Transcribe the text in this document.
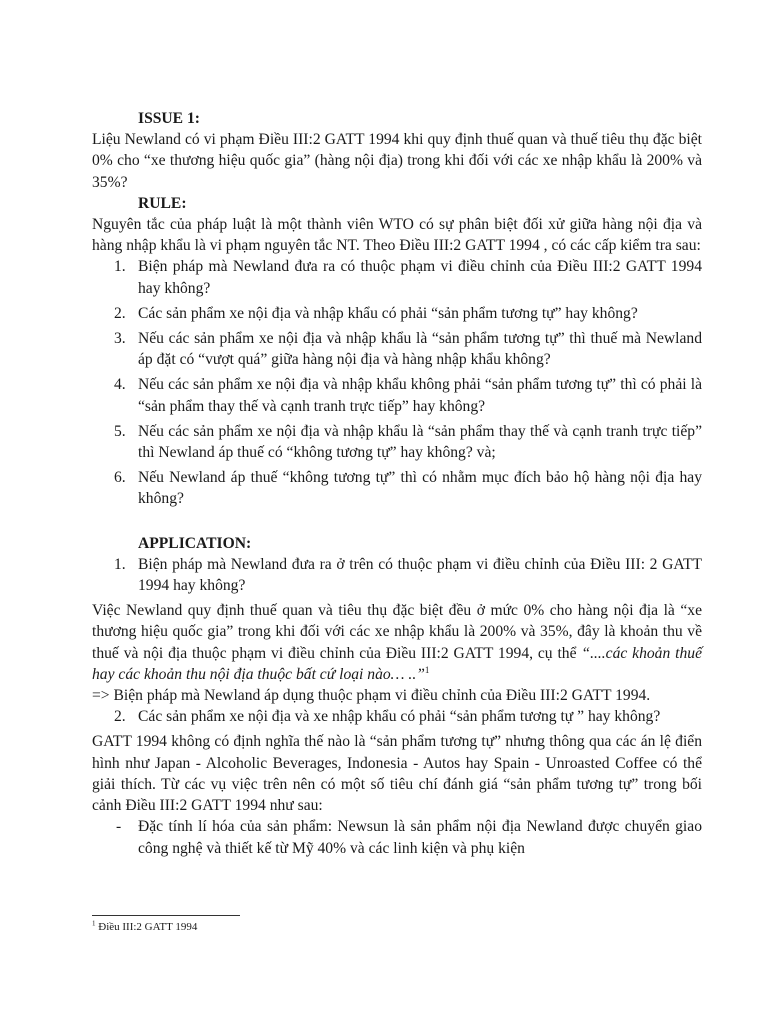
ISSUE 1:

Liệu Newland có vi phạm Điều III:2 GATT 1994 khi quy định thuế quan và thuế tiêu thụ đặc biệt 0% cho “xe thương hiệu quốc gia” (hàng nội địa) trong khi đối với các xe nhập khẩu là 200% và 35%?

RULE:

Nguyên tắc của pháp luật là một thành viên WTO có sự phân biệt đối xử giữa hàng nội địa và hàng nhập khẩu là vi phạm nguyên tắc NT. Theo Điều III:2 GATT 1994 , có các cấp kiểm tra sau:

1. Biện pháp mà Newland đưa ra có thuộc phạm vi điều chỉnh của Điều III:2 GATT 1994 hay không?
2. Các sản phẩm xe nội địa và nhập khẩu có phải “sản phẩm tương tự” hay không?
3. Nếu các sản phẩm xe nội địa và nhập khẩu là “sản phẩm tương tự” thì thuế mà Newland áp đặt có “vượt quá” giữa hàng nội địa và hàng nhập khẩu không?
4. Nếu các sản phẩm xe nội địa và nhập khẩu không phải “sản phẩm tương tự” thì có phải là “sản phẩm thay thế và cạnh tranh trực tiếp” hay không?
5. Nếu các sản phẩm xe nội địa và nhập khẩu là “sản phẩm thay thế và cạnh tranh trực tiếp” thì Newland áp thuế có “không tương tự” hay không? và;
6. Nếu Newland áp thuế “không tương tự” thì có nhằm mục đích bảo hộ hàng nội địa hay không?

APPLICATION:

1. Biện pháp mà Newland đưa ra ở trên có thuộc phạm vi điều chỉnh của Điều III: 2 GATT 1994 hay không?

Việc Newland quy định thuế quan và tiêu thụ đặc biệt đều ở mức 0% cho hàng nội địa là “xe thương hiệu quốc gia” trong khi đối với các xe nhập khẩu là 200% và 35%, đây là khoản thu về thuế và nội địa thuộc phạm vi điều chỉnh của Điều III:2 GATT 1994, cụ thể “....các khoản thuế hay các khoản thu nội địa thuộc bất cứ loại nào… ..”$^1$

=> Biện pháp mà Newland áp dụng thuộc phạm vi điều chỉnh của Điều III:2 GATT 1994.

2. Các sản phẩm xe nội địa và xe nhập khẩu có phải “sản phẩm tương tự ” hay không?

GATT 1994 không có định nghĩa thế nào là “sản phẩm tương tự” nhưng thông qua các án lệ điển hình như Japan - Alcoholic Beverages, Indonesia - Autos hay Spain - Unroasted Coffee có thể giải thích. Từ các vụ việc trên nên có một số tiêu chí đánh giá “sản phẩm tương tự” trong bối cảnh Điều III:2 GATT 1994 như sau:

- Đặc tính lí hóa của sản phẩm: Newsun là sản phẩm nội địa Newland được chuyển giao công nghệ và thiết kế từ Mỹ 40% và các linh kiện và phụ kiện
$^1$ Điều III:2 GATT 1994
